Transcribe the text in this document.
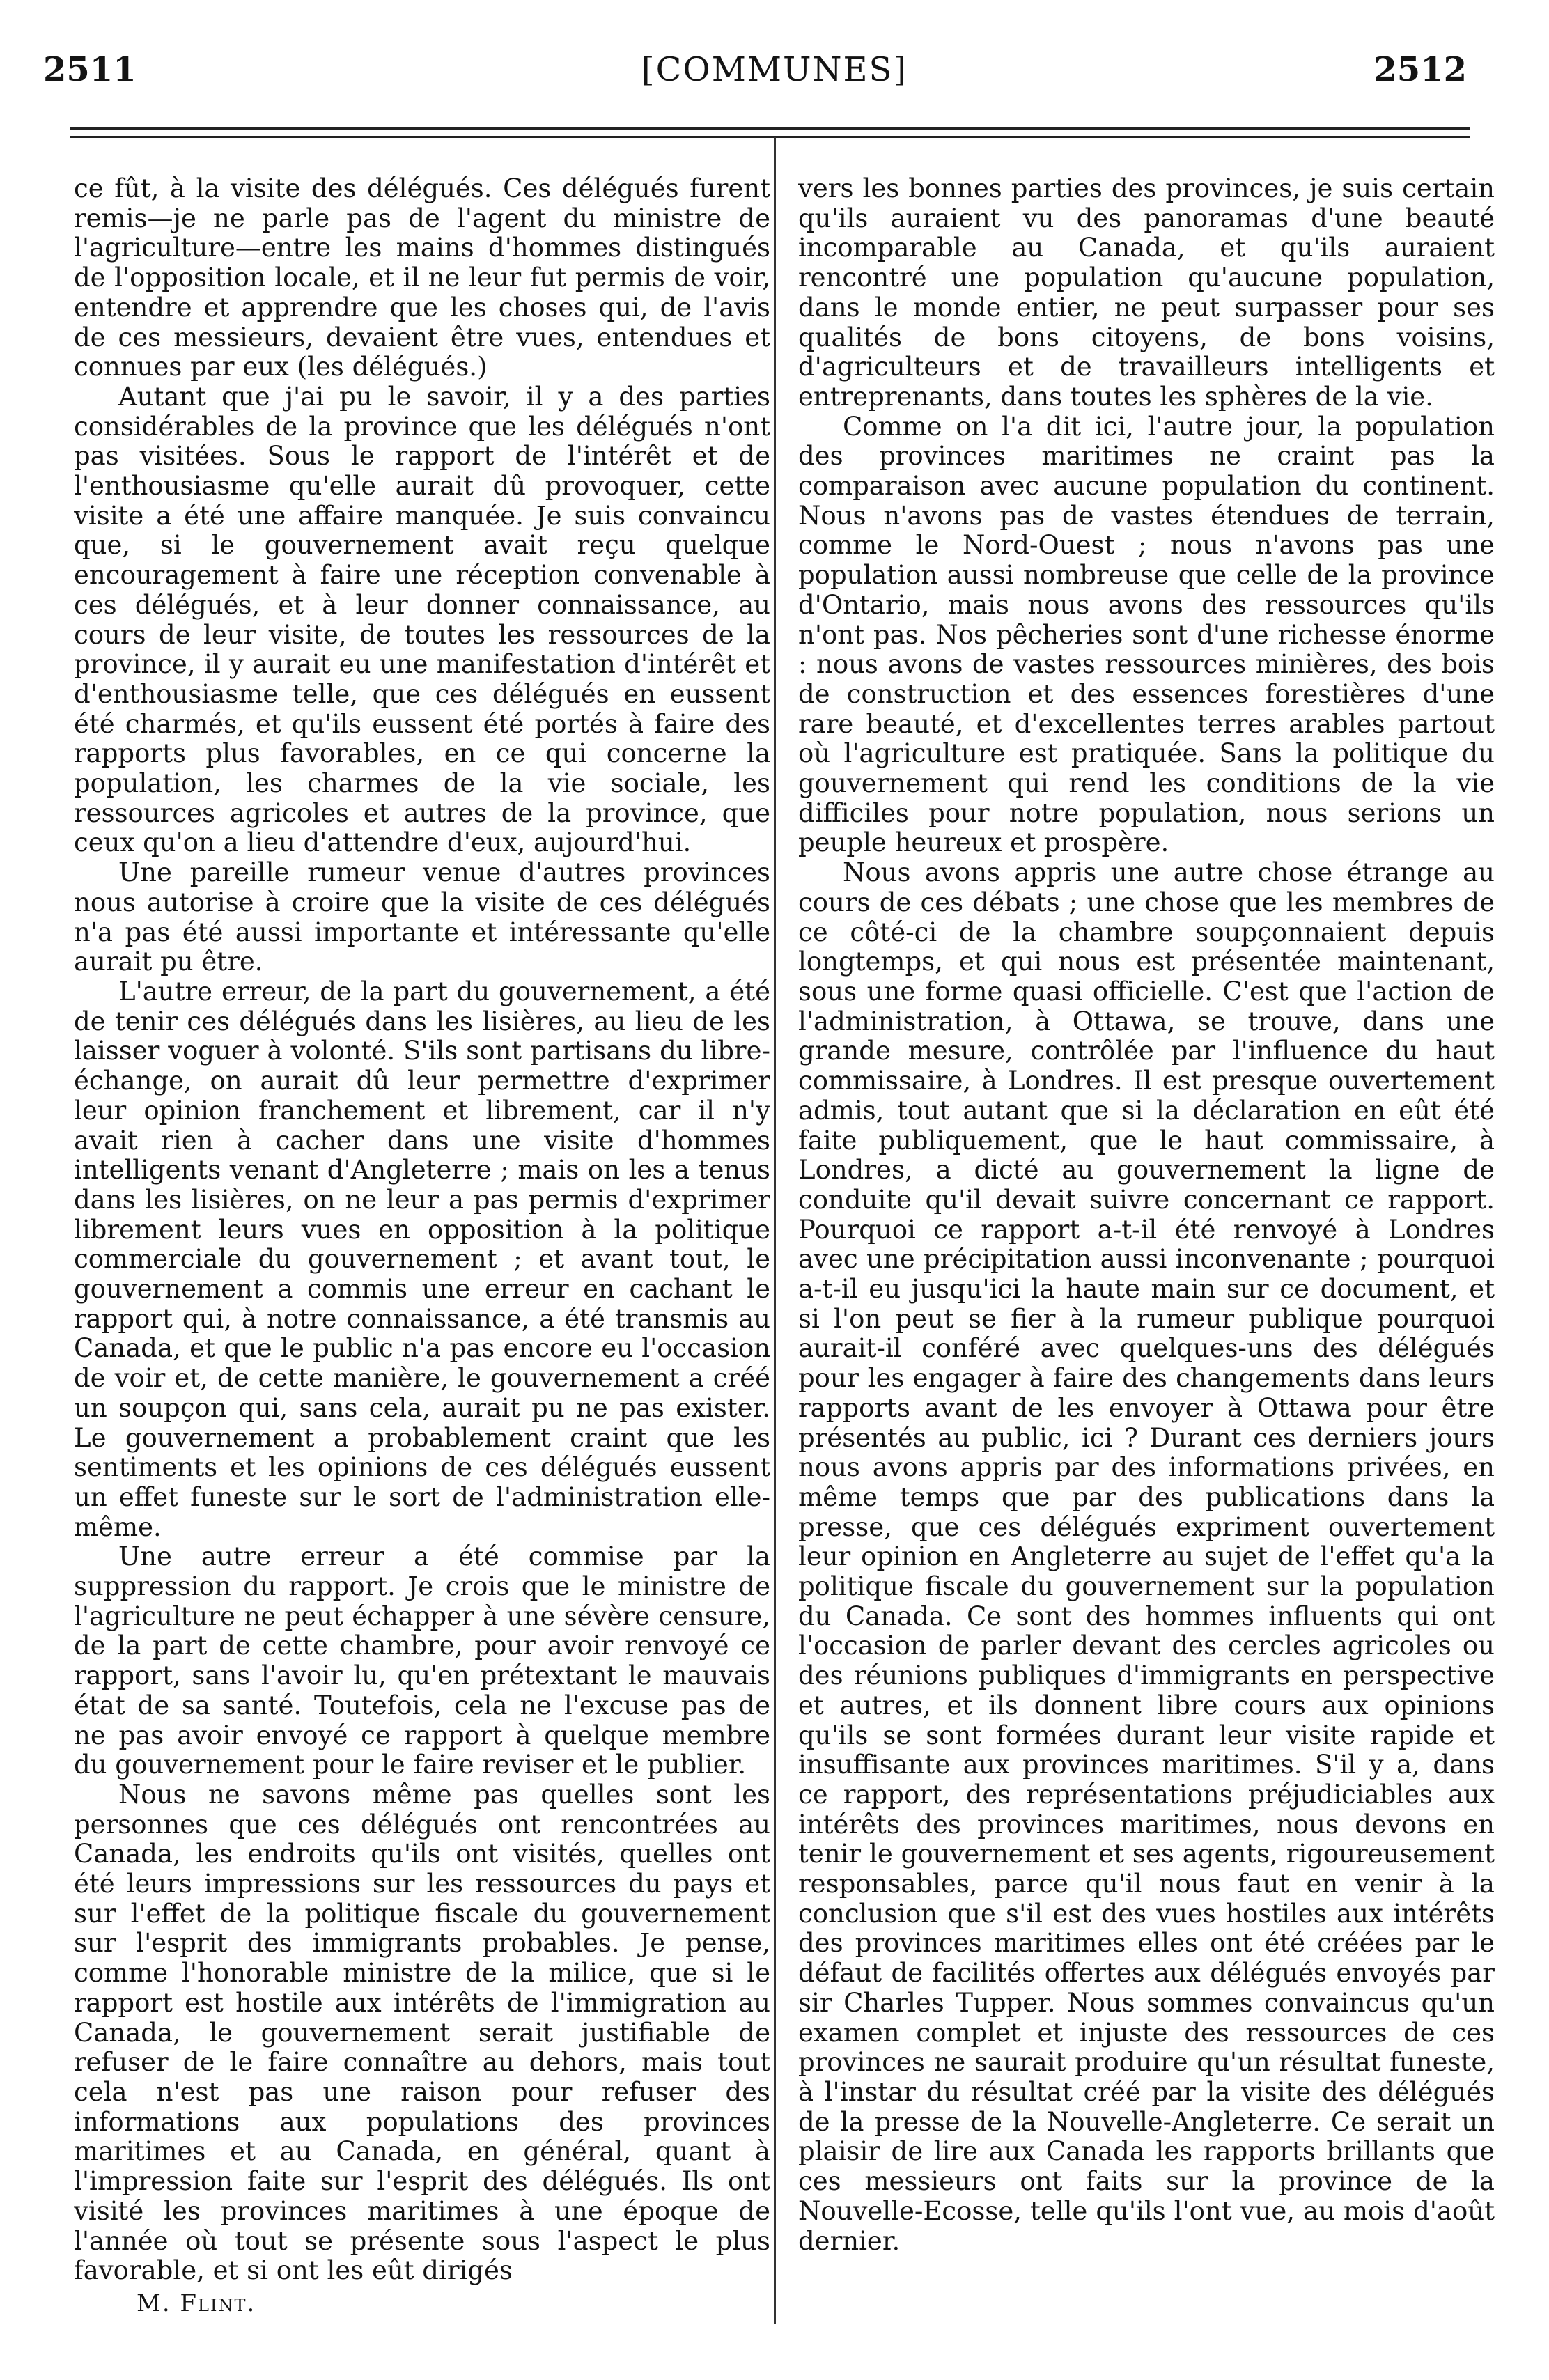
2511	[COMMUNES]	2512

ce fût, à la visite des délégués. Ces délégués furent remis—je ne parle pas de l'agent du ministre de l'agriculture—entre les mains d'hommes distingués de l'opposition locale, et il ne leur fut permis de voir, entendre et apprendre que les choses qui, de l'avis de ces messieurs, devaient être vues, entendues et connues par eux (les délégués.)

Autant que j'ai pu le savoir, il y a des parties considérables de la province que les délégués n'ont pas visitées. Sous le rapport de l'intérêt et de l'enthousiasme qu'elle aurait dû provoquer, cette visite a été une affaire manquée. Je suis convaincu que, si le gouvernement avait reçu quelque encouragement à faire une réception convenable à ces délégués, et à leur donner connaissance, au cours de leur visite, de toutes les ressources de la province, il y aurait eu une manifestation d'intérêt et d'enthousiasme telle, que ces délégués en eussent été charmés, et qu'ils eussent été portés à faire des rapports plus favorables, en ce qui concerne la population, les charmes de la vie sociale, les ressources agricoles et autres de la province, que ceux qu'on a lieu d'attendre d'eux, aujourd'hui.

Une pareille rumeur venue d'autres provinces nous autorise à croire que la visite de ces délégués n'a pas été aussi importante et intéressante qu'elle aurait pu être.

L'autre erreur, de la part du gouvernement, a été de tenir ces délégués dans les lisières, au lieu de les laisser voguer à volonté. S'ils sont partisans du libre-échange, on aurait dû leur permettre d'exprimer leur opinion franchement et librement, car il n'y avait rien à cacher dans une visite d'hommes intelligents venant d'Angleterre ; mais on les a tenus dans les lisières, on ne leur a pas permis d'exprimer librement leurs vues en opposition à la politique commerciale du gouvernement ; et avant tout, le gouvernement a commis une erreur en cachant le rapport qui, à notre connaissance, a été transmis au Canada, et que le public n'a pas encore eu l'occasion de voir et, de cette manière, le gouvernement a créé un soupçon qui, sans cela, aurait pu ne pas exister. Le gouvernement a probablement craint que les sentiments et les opinions de ces délégués eussent un effet funeste sur le sort de l'administration elle-même.

Une autre erreur a été commise par la suppression du rapport. Je crois que le ministre de l'agriculture ne peut échapper à une sévère censure, de la part de cette chambre, pour avoir renvoyé ce rapport, sans l'avoir lu, qu'en prétextant le mauvais état de sa santé. Toutefois, cela ne l'excuse pas de ne pas avoir envoyé ce rapport à quelque membre du gouvernement pour le faire reviser et le publier.

Nous ne savons même pas quelles sont les personnes que ces délégués ont rencontrées au Canada, les endroits qu'ils ont visités, quelles ont été leurs impressions sur les ressources du pays et sur l'effet de la politique fiscale du gouvernement sur l'esprit des immigrants probables. Je pense, comme l'honorable ministre de la milice, que si le rapport est hostile aux intérêts de l'immigration au Canada, le gouvernement serait justifiable de refuser de le faire connaître au dehors, mais tout cela n'est pas une raison pour refuser des informations aux populations des provinces maritimes et au Canada, en général, quant à l'impression faite sur l'esprit des délégués. Ils ont visité les provinces maritimes à une époque de l'année où tout se présente sous l'aspect le plus favorable, et si ont les eût dirigés

M. Flint.

vers les bonnes parties des provinces, je suis certain qu'ils auraient vu des panoramas d'une beauté incomparable au Canada, et qu'ils auraient rencontré une population qu'aucune population, dans le monde entier, ne peut surpasser pour ses qualités de bons citoyens, de bons voisins, d'agriculteurs et de travailleurs intelligents et entreprenants, dans toutes les sphères de la vie.

Comme on l'a dit ici, l'autre jour, la population des provinces maritimes ne craint pas la comparaison avec aucune population du continent. Nous n'avons pas de vastes étendues de terrain, comme le Nord-Ouest ; nous n'avons pas une population aussi nombreuse que celle de la province d'Ontario, mais nous avons des ressources qu'ils n'ont pas. Nos pêcheries sont d'une richesse énorme : nous avons de vastes ressources minières, des bois de construction et des essences forestières d'une rare beauté, et d'excellentes terres arables partout où l'agriculture est pratiquée. Sans la politique du gouvernement qui rend les conditions de la vie difficiles pour notre population, nous serions un peuple heureux et prospère.

Nous avons appris une autre chose étrange au cours de ces débats ; une chose que les membres de ce côté-ci de la chambre soupçonnaient depuis longtemps, et qui nous est présentée maintenant, sous une forme quasi officielle. C'est que l'action de l'administration, à Ottawa, se trouve, dans une grande mesure, contrôlée par l'influence du haut commissaire, à Londres. Il est presque ouvertement admis, tout autant que si la déclaration en eût été faite publiquement, que le haut commissaire, à Londres, a dicté au gouvernement la ligne de conduite qu'il devait suivre concernant ce rapport. Pourquoi ce rapport a-t-il été renvoyé à Londres avec une précipitation aussi inconvenante ; pourquoi a-t-il eu jusqu'ici la haute main sur ce document, et si l'on peut se fier à la rumeur publique pourquoi aurait-il conféré avec quelques-uns des délégués pour les engager à faire des changements dans leurs rapports avant de les envoyer à Ottawa pour être présentés au public, ici ? Durant ces derniers jours nous avons appris par des informations privées, en même temps que par des publications dans la presse, que ces délégués expriment ouvertement leur opinion en Angleterre au sujet de l'effet qu'a la politique fiscale du gouvernement sur la population du Canada. Ce sont des hommes influents qui ont l'occasion de parler devant des cercles agricoles ou des réunions publiques d'immigrants en perspective et autres, et ils donnent libre cours aux opinions qu'ils se sont formées durant leur visite rapide et insuffisante aux provinces maritimes. S'il y a, dans ce rapport, des représentations préjudiciables aux intérêts des provinces maritimes, nous devons en tenir le gouvernement et ses agents, rigoureusement responsables, parce qu'il nous faut en venir à la conclusion que s'il est des vues hostiles aux intérêts des provinces maritimes elles ont été créées par le défaut de facilités offertes aux délégués envoyés par sir Charles Tupper. Nous sommes convaincus qu'un examen complet et injuste des ressources de ces provinces ne saurait produire qu'un résultat funeste, à l'instar du résultat créé par la visite des délégués de la presse de la Nouvelle-Angleterre. Ce serait un plaisir de lire aux Canada les rapports brillants que ces messieurs ont faits sur la province de la Nouvelle-Ecosse, telle qu'ils l'ont vue, au mois d'août dernier.
